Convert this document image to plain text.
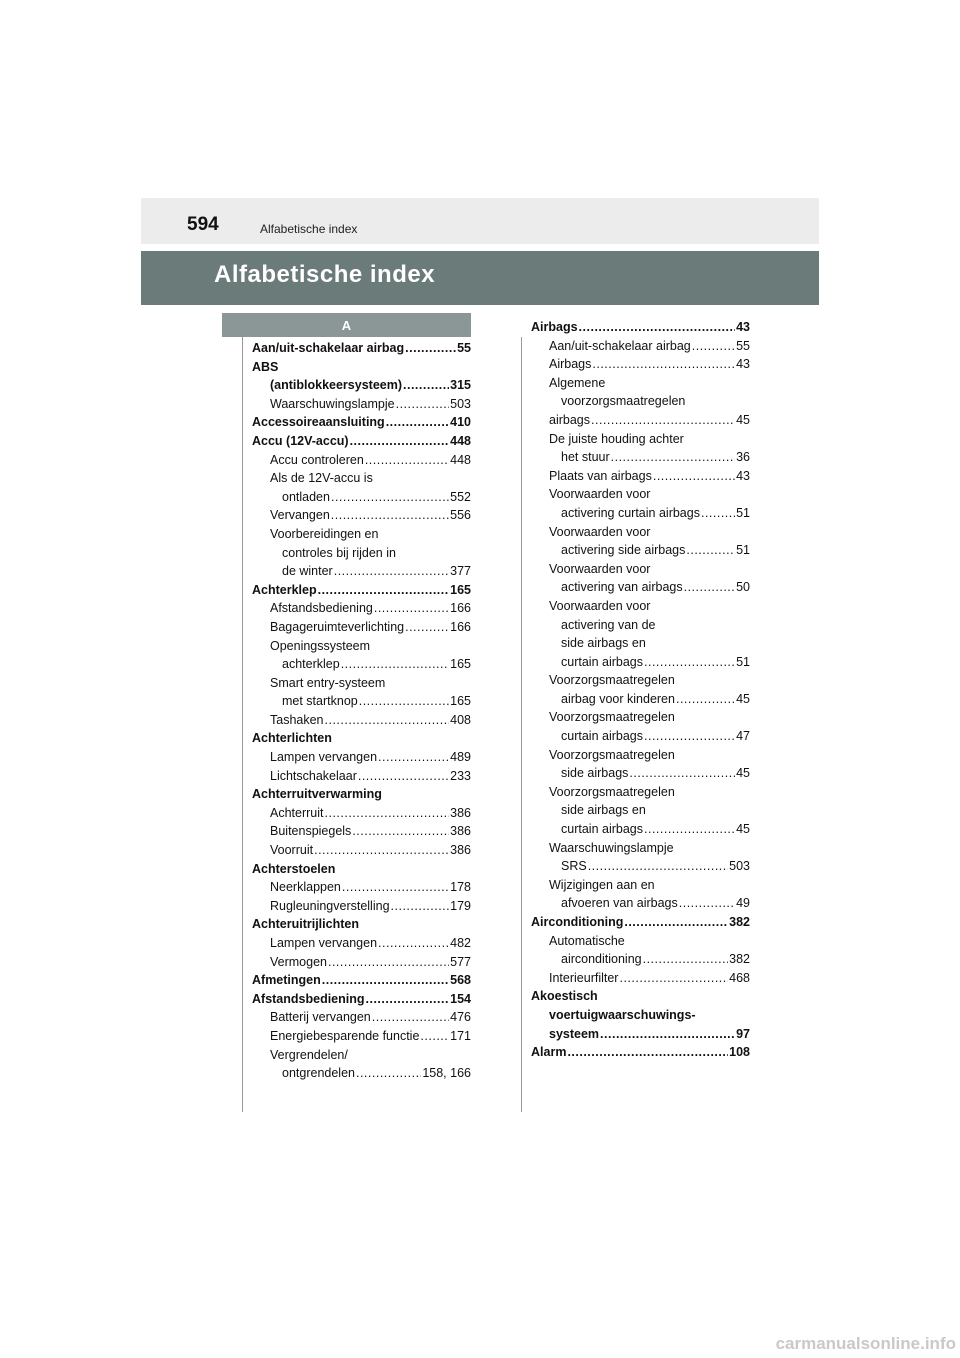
594	Alfabetische index
Alfabetische index
A
Aan/uit-schakelaar airbag .....	55
ABS
(antiblokkeersysteem) .....	315
Waarschuwingslampje .....	503
Accessoireaansluiting .....	410
Accu (12V-accu) .....	448
Accu controleren .....	448
Als de 12V-accu is
ontladen .....	552
Vervangen .....	556
Voorbereidingen en
controles bij rijden in
de winter .....	377
Achterklep .....	165
Afstandsbediening .....	166
Bagageruimteverlichting .....	166
Openingssysteem
achterklep .....	165
Smart entry-systeem
met startknop .....	165
Tashaken .....	408
Achterlichten
Lampen vervangen .....	489
Lichtschakelaar .....	233
Achterruitverwarming
Achterruit .....	386
Buitenspiegels .....	386
Voorruit .....	386
Achterstoelen
Neerklappen .....	178
Rugleuningverstelling .....	179
Achteruitrijlichten
Lampen vervangen .....	482
Vermogen .....	577
Afmetingen .....	568
Afstandsbediening .....	154
Batterij vervangen .....	476
Energiebesparende functie ..... 171
Vergrendelen/
ontgrendelen .....	158, 166
Airbags .....	43
Aan/uit-schakelaar airbag .....	55
Airbags .....	43
Algemene
voorzorgsmaatregelen
airbags .....	45
De juiste houding achter
het stuur .....	36
Plaats van airbags .....	43
Voorwaarden voor
activering curtain airbags .....	51
Voorwaarden voor
activering side airbags .....	51
Voorwaarden voor
activering van airbags .....	50
Voorwaarden voor
activering van de
side airbags en
curtain airbags .....	51
Voorzorgsmaatregelen
airbag voor kinderen .....	45
Voorzorgsmaatregelen
curtain airbags .....	47
Voorzorgsmaatregelen
side airbags .....	45
Voorzorgsmaatregelen
side airbags en
curtain airbags .....	45
Waarschuwingslampje
SRS .....	503
Wijzigingen aan en
afvoeren van airbags .....	49
Airconditioning .....	382
Automatische
airconditioning .....	382
Interieurfilter .....	468
Akoestisch
voertuigwaarschuwings-
systeem .....	97
Alarm .....	108
carmanualsonline.info
